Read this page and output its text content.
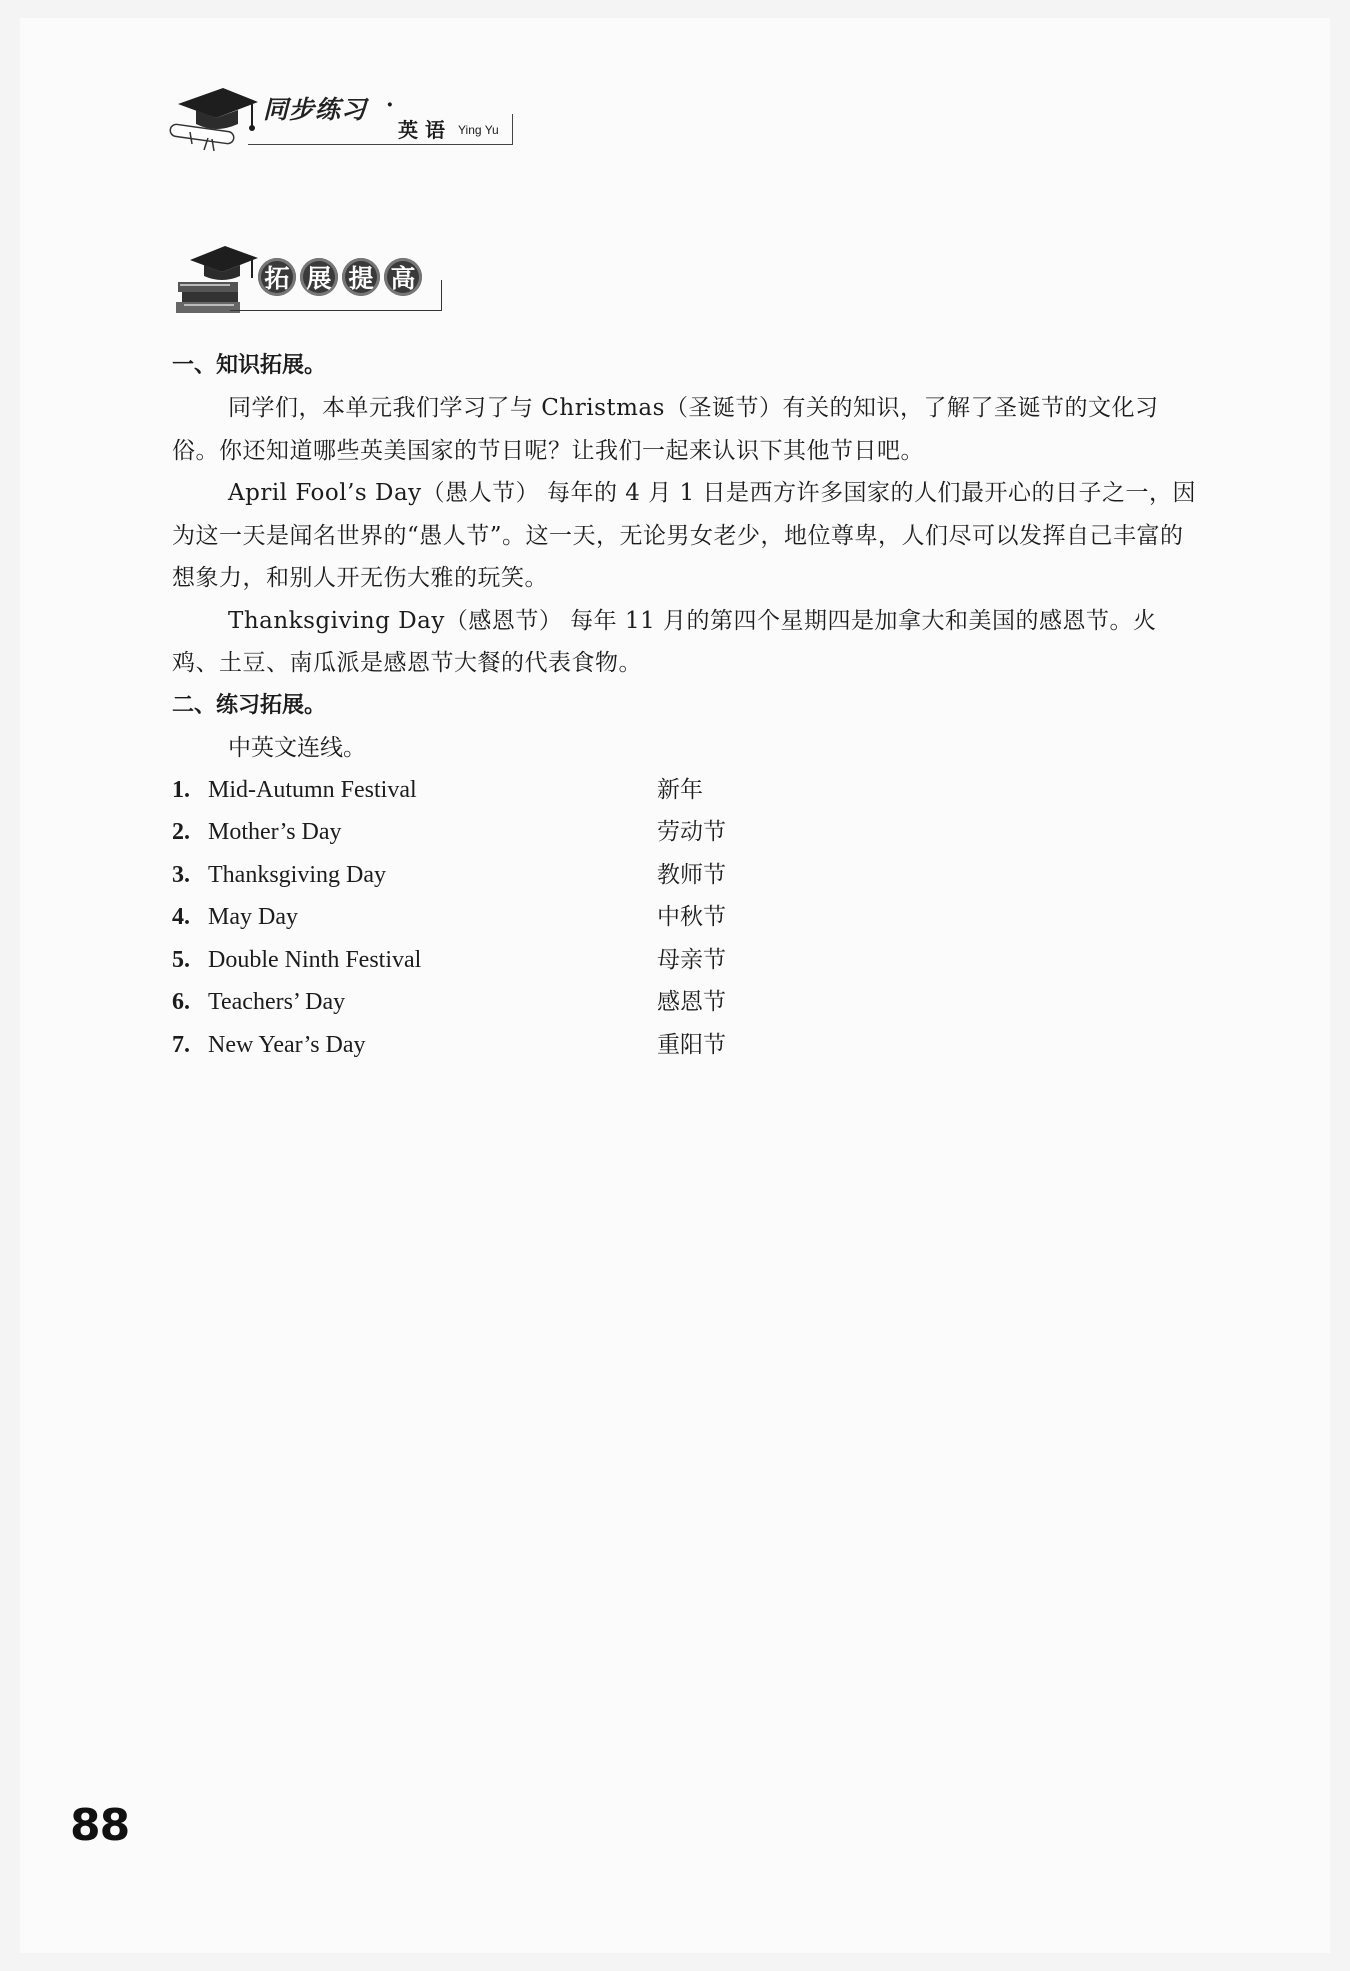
同步练习 ·
英 语 Ying Yu
拓 展 提 高

一、知识拓展。

同学们，本单元我们学习了与 Christmas（圣诞节）有关的知识，了解了圣诞节的文化习俗。你还知道哪些英美国家的节日呢？让我们一起来认识下其他节日吧。

April Fool’s Day（愚人节） 每年的 4 月 1 日是西方许多国家的人们最开心的日子之一，因为这一天是闻名世界的“愚人节”。这一天，无论男女老少，地位尊卑，人们尽可以发挥自己丰富的想象力，和别人开无伤大雅的玩笑。

Thanksgiving Day（感恩节） 每年 11 月的第四个星期四是加拿大和美国的感恩节。火鸡、土豆、南瓜派是感恩节大餐的代表食物。

二、练习拓展。

中英文连线。

1. Mid-Autumn Festival	新年
2. Mother’s Day	劳动节
3. Thanksgiving Day	教师节
4. May Day	中秋节
5. Double Ninth Festival	母亲节
6. Teachers’ Day	感恩节
7. New Year’s Day	重阳节
88
